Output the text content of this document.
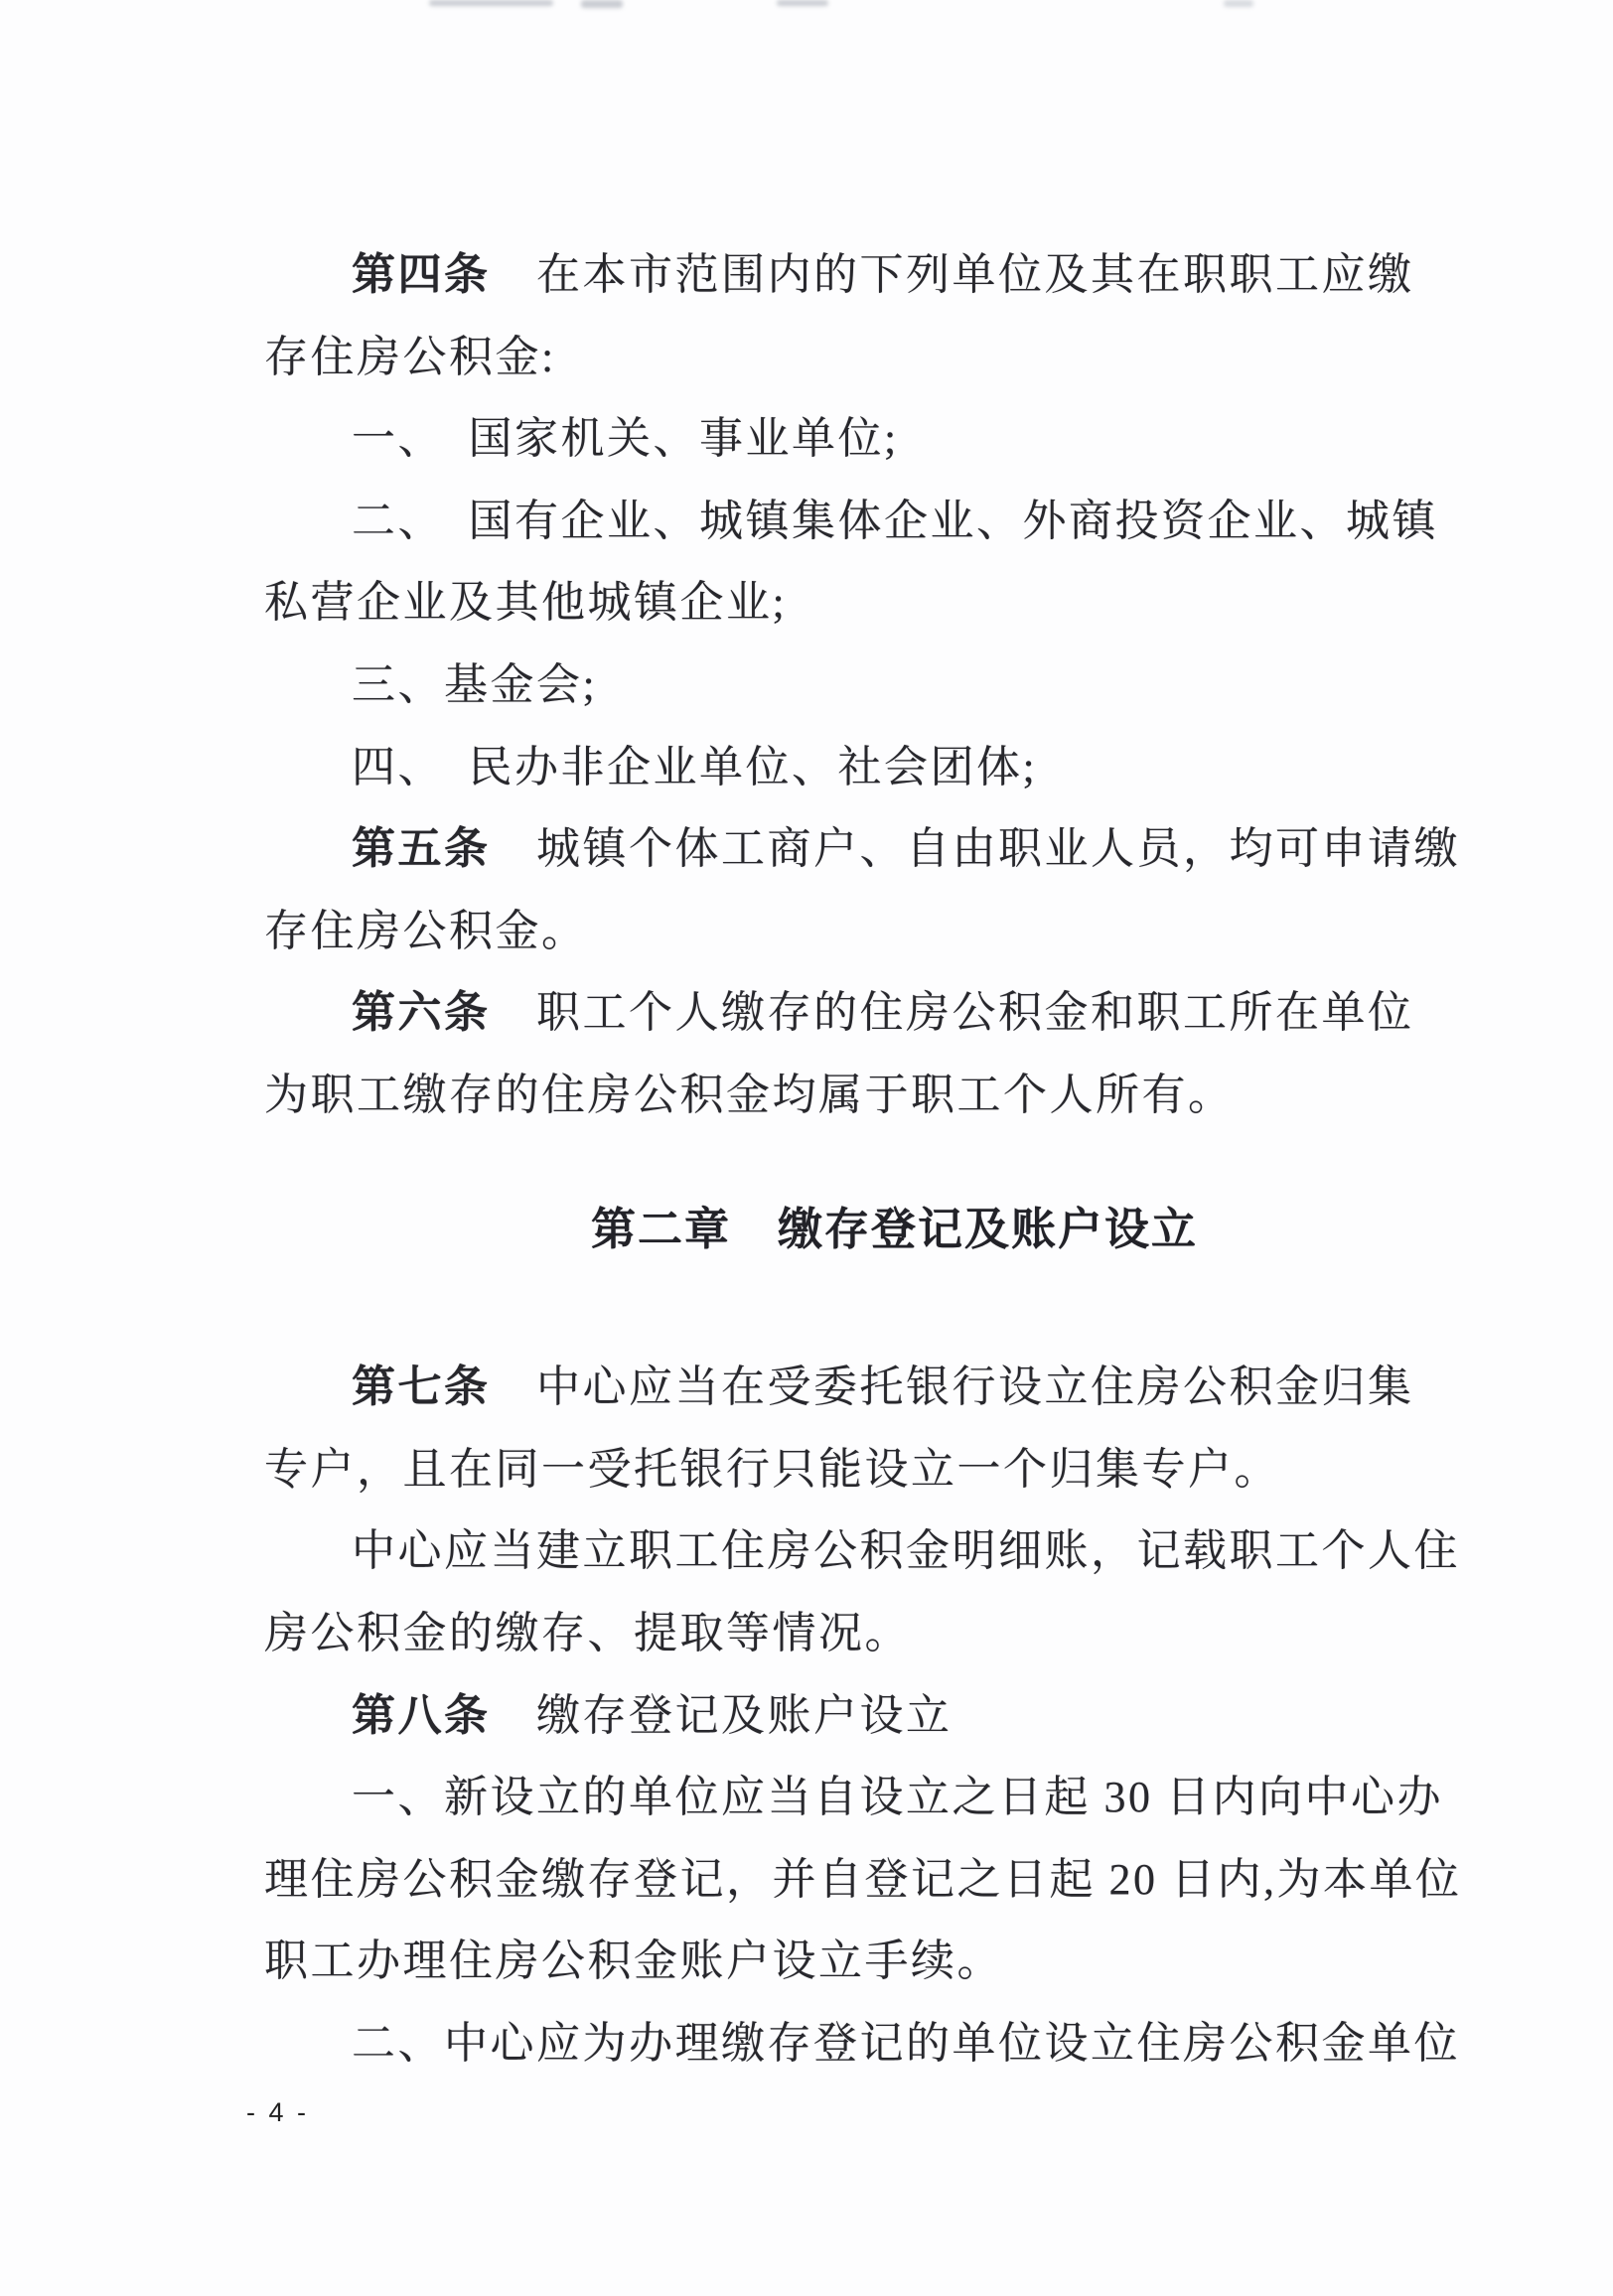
第四条　在本市范围内的下列单位及其在职职工应缴
存住房公积金:
一、　国家机关、事业单位;
二、　国有企业、城镇集体企业、外商投资企业、城镇
私营企业及其他城镇企业;
三、基金会;
四、　民办非企业单位、社会团体;
第五条　城镇个体工商户、自由职业人员，均可申请缴
存住房公积金。
第六条　职工个人缴存的住房公积金和职工所在单位
为职工缴存的住房公积金均属于职工个人所有。
第二章　缴存登记及账户设立
第七条　中心应当在受委托银行设立住房公积金归集
专户，且在同一受托银行只能设立一个归集专户。
中心应当建立职工住房公积金明细账，记载职工个人住
房公积金的缴存、提取等情况。
第八条　缴存登记及账户设立
一、新设立的单位应当自设立之日起 30 日内向中心办
理住房公积金缴存登记，并自登记之日起 20 日内,为本单位
职工办理住房公积金账户设立手续。
二、中心应为办理缴存登记的单位设立住房公积金单位
- 4 -
